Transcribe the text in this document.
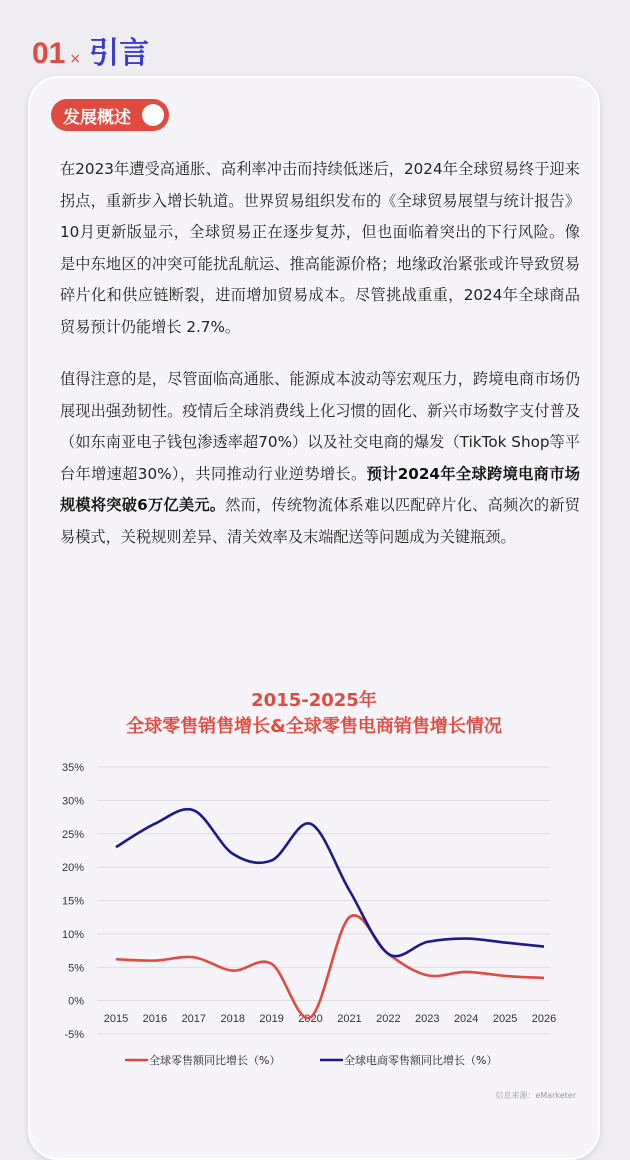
01 × 引言
发展概述
在2023年遭受高通胀、高利率冲击而持续低迷后，2024年全球贸易终于迎来拐点，重新步入增长轨道。世界贸易组织发布的《全球贸易展望与统计报告》10月更新版显示，全球贸易正在逐步复苏，但也面临着突出的下行风险。像是中东地区的冲突可能扰乱航运、推高能源价格；地缘政治紧张或许导致贸易碎片化和供应链断裂，进而增加贸易成本。尽管挑战重重，2024年全球商品贸易预计仍能增长 2.7%。
值得注意的是，尽管面临高通胀、能源成本波动等宏观压力，跨境电商市场仍展现出强劲韧性。疫情后全球消费线上化习惯的固化、新兴市场数字支付普及（如东南亚电子钱包渗透率超70%）以及社交电商的爆发（TikTok Shop等平台年增速超30%），共同推动行业逆势增长。预计2024年全球跨境电商市场规模将突破6万亿美元。然而，传统物流体系难以匹配碎片化、高频次的新贸易模式，关税规则差异、清关效率及末端配送等问题成为关键瓶颈。
2015-2025年
全球零售销售增长&全球零售电商销售增长情况
信息来源：eMarketer
35%
30%
25%
20%
15%
10%
5%
0%
-5%
2015 2016 2017 2018 2019 2020 2021 2022 2023 2024 2025 2026
全球零售额同比增长（%）	全球电商零售额同比增长（%）
